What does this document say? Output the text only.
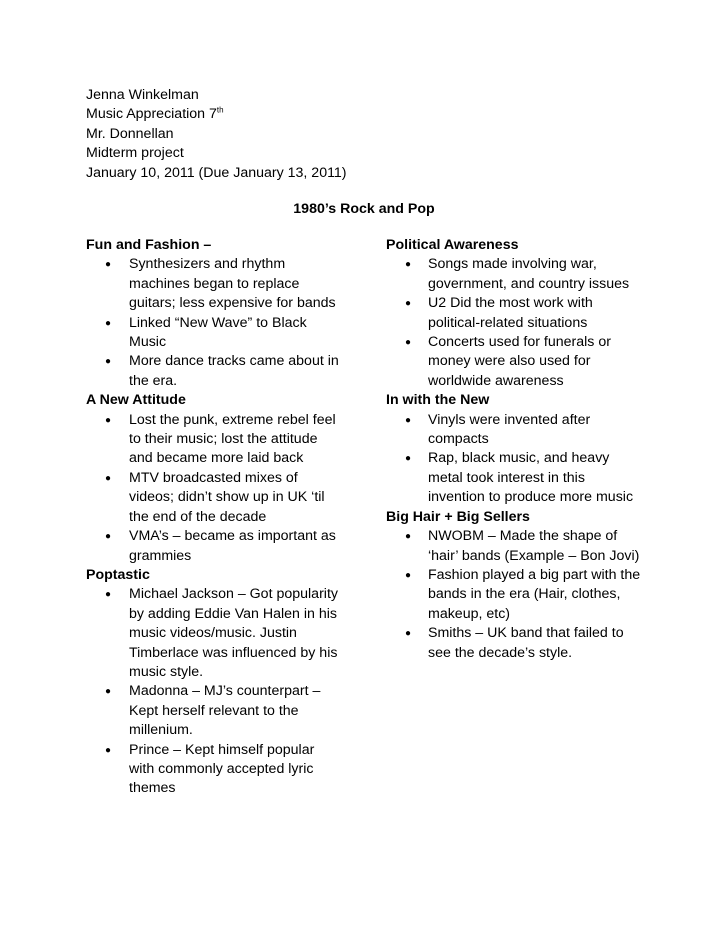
Jenna Winkelman
Music Appreciation 7th
Mr. Donnellan
Midterm project
January 10, 2011 (Due January 13, 2011)
1980’s Rock and Pop
Fun and Fashion –
● Synthesizers and rhythm
machines began to replace
guitars; less expensive for bands
● Linked “New Wave” to Black
Music
● More dance tracks came about in
the era.
A New Attitude
● Lost the punk, extreme rebel feel
to their music; lost the attitude
and became more laid back
● MTV broadcasted mixes of
videos; didn’t show up in UK ‘til
the end of the decade
● VMA’s – became as important as
grammies
Poptastic
● Michael Jackson – Got popularity
by adding Eddie Van Halen in his
music videos/music. Justin
Timberlace was influenced by his
music style.
● Madonna – MJ’s counterpart –
Kept herself relevant to the
millenium.
● Prince – Kept himself popular
with commonly accepted lyric
themes
Political Awareness
● Songs made involving war,
government, and country issues
● U2 Did the most work with
political-related situations
● Concerts used for funerals or
money were also used for
worldwide awareness
In with the New
● Vinyls were invented after
compacts
● Rap, black music, and heavy
metal took interest in this
invention to produce more music
Big Hair + Big Sellers
● NWOBM – Made the shape of
‘hair’ bands (Example – Bon Jovi)
● Fashion played a big part with the
bands in the era (Hair, clothes,
makeup, etc)
● Smiths – UK band that failed to
see the decade’s style.
